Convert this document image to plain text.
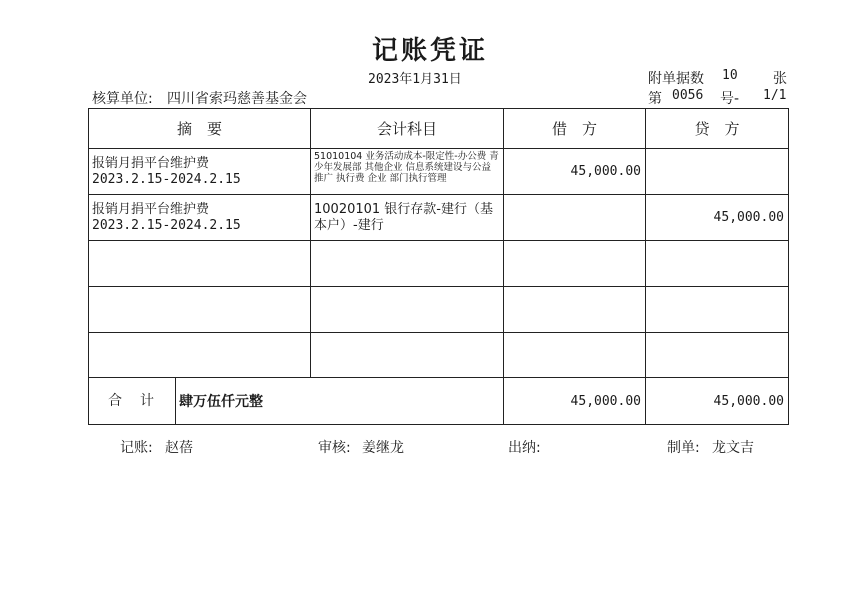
记账凭证
2023年1月31日	附单据数 10	张
核算单位: 四川省索玛慈善基金会	第 0056 号- 1/1
摘　要	会计科目	借　方	贷　方

报销月捐平台维护费
2023.2.15-2024.2.15	51010104 业务活动成本-限定性-办公费 青少年发展部 其他企业 信息系统建设与公益推广 执行费 企业 部门执行管理	45,000.00	

报销月捐平台维护费
2023.2.15-2024.2.15	10020101 银行存款-建行（基本户）-建行		45,000.00

合　计 肆万伍仟元整		45,000.00	45,000.00
记账: 赵蓓	审核: 姜继龙	出纳:	制单: 龙文吉
